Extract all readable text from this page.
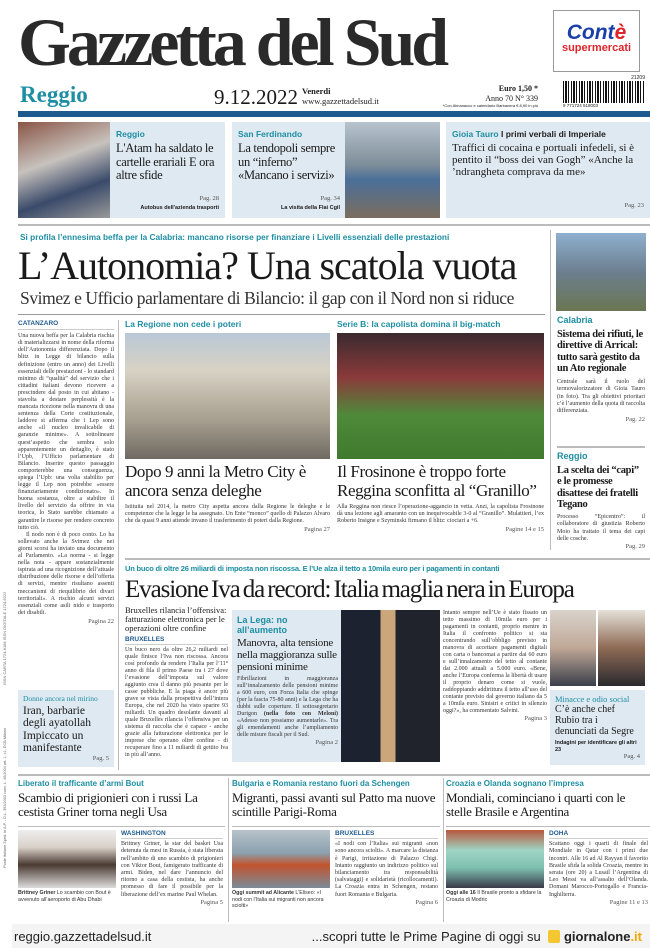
Gazzetta del Sud	Contè
supermercati
Reggio	9.12.2022 Venerdi
www.gazzettadelsud.it
Euro 1,50 *
Anno 70 N° 339
*Con Almanacco e calendario Barbanera € 8,90 in più
21209
9 771724 518003
Reggio
L'Atam ha saldato le cartelle erariali E ora altre sfide
Pag. 28
Autobus dell'azienda trasporti
San Ferdinando
La tendopoli sempre un “inferno” «Mancano i servizi»
Pag. 34
La visita della Flai Cgil
Gioia Tauro I primi verbali di Imperiale
Traffici di cocaina e portuali infedeli, si è pentito il “boss dei van Gogh” «Anche la ’ndrangheta comprava da me»
Pag. 23
Si profila l’ennesima beffa per la Calabria: mancano risorse per finanziare i Livelli essenziali delle prestazioni
L’Autonomia? Una scatola vuota
Svimez e Ufficio parlamentare di Bilancio: il gap con il Nord non si riduce
CATANZARO
Una nuova beffa per la Calabria rischia di materializzarsi in nome della riforma dell’Autonomia differenziata. Dopo il blitz in Legge di bilancio sulla definizione (entro un anno) dei Livelli essenziali delle prestazioni - lo standard minimo di “qualità” del servizio che i cittadini italiani devono ricevere a prescindere dal posto in cui abitano - stavolta a destare perplessità è la mancata ricezione nella manovra di una sentenza della Corte costituzionale, laddove si afferma che i Lep sono anche «il nucleo invalicabile di garanzie minime». A sottolineare quest’aspetto che sembra solo apparentemente un dettaglio, è stato l’Upb, l’Ufficio parlamentare di Bilancio. Inserire questo passaggio comporterebbe una conseguenza, spiega l’Upb: una volta stabilito per legge il Lep non potrebbe «essere finanziariamente condizionato». In buona sostanza, oltre a stabilire il livello del servizio da offrire in via teorica, lo Stato sarebbe chiamato a garantire le risorse per rendere concreto tutto ciò.
Il nodo non è di poco conto. Lo ha sollevato anche la Svimez che nei giorni scorsi ha inviato una documento al Parlamento. «La norma - si legge nella nota - appare sostanzialmente ispirata ad una ricognizione dell’attuale distribuzione delle risorse e dell’offerta di servizi, mentre risultano assenti meccanismi di riequilibrio dei divari territoriali». A rischio alcuni servizi essenziali come asili nido e trasporto dei disabili.
Pagina 22
ISSN CARTA 1724-6184 ISSN DIGITALE 1724-6222
Poste Italiane Sped. in A.P. - D.L. 353/2003 conv. L. 46/2004 art. 1, c1, DCB Milano
La Regione non cede i poteri
Dopo 9 anni la Metro City è ancora senza deleghe
Istituita nel 2014, la metro City aspetta ancora dalla Regione le deleghe e le competenze che la legge le ha assegnato. Un Ente “monco” quello di Palazzo Alvaro che da quasi 9 anni attende invano il trasferimento di poteri dalla Regione.
Pagina 27
Serie B: la capolista domina il big-match
Il Frosinone è troppo forte Reggina sconfitta al “Granillo”
Alla Reggina non riesce l’operazione-aggancio in vetta. Anzi, la capolista Frosinone dà una lezione agli amaranto con un inequivocabile 3-0 al “Granillo”. Mulattieri, l’ex Roberto Insigne e Szyminski firmano il blitz: ciociari a +6.
Pagine 14 e 15
Calabria
Sistema dei rifiuti, le direttive di Arrical: tutto sarà gestito da un Ato regionale
Centrale sarà il ruolo del termovalorizzatore di Gioia Tauro (in foto). Tra gli obiettivi prioritari c’è l’aumento della quota di raccolta differenziata.
Pag. 22
Reggio
La scelta dei “capi” e le promesse disattese dei fratelli Tegano
Processo “Epicentro”: il collaboratore di giustizia Roberto Moio ha trattato il tema dei capi delle cosche.
Pag. 29
Un buco di oltre 26 miliardi di imposta non riscossa. E l’Ue alza il tetto a 10mila euro per i pagamenti in contanti
Evasione Iva da record: Italia maglia nera in Europa
Bruxelles rilancia l’offensiva: fatturazione elettronica per le operazioni oltre confine
BRUXELLES
Un buco nero da oltre 26,2 miliardi nel quale finisce l’Iva non riscossa. Ancora così profondo da rendere l’Italia per l’11° anno di fila il primo Paese tra i 27 dove l’evasione dell’imposta sul valore aggiunto crea il danno più pesante per le casse pubbliche. E la piaga è ancor più grave se vista dalla prospettiva dell’intera Europa, che nel 2020 ha visto sparire 93 miliardi. Un quadro desolante davanti al quale Bruxelles rilancia l’offensiva per un sistema di raccolta che è capace - anche grazie alla fatturazione elettronica per le imprese che operano oltre confine - di recuperare fino a 11 miliardi di gettito Iva in più all’anno.
La Lega: no all’aumento
Manovra, alta tensione nella maggioranza sulle pensioni minime
Fibrillazioni in maggioranza sull’innalzamento delle pensioni minime a 600 euro, con Forza Italia che spinge (per la fascia 75-80 anni) e la Lega che ha dubbi sulle coperture. Il sottosegretario Durigon (nella foto con Meloni) «Adesso non possiamo aumentarle». Tra gli emendamenti anche l’ampliamento delle misure fiscali per il Sud.
Pagina 2
Intanto sempre nell’Ue è stato fissato un tetto massimo di 10mila euro per i pagamenti in contanti, proprio mentre in Italia il confronto politico si sta concentrando sull’obbligo previsto in manovra di accettare pagamenti digitali con carta o bancomat a partire dai 60 euro e sull’innalzamento del tetto al contante dai 2.000 attuali a 5.000 euro. «Bene, anche l’Europa conferma la libertà di usare il proprio denaro come si vuole, raddoppiando addirittura il tetto all’uso del contante previsto dal governo italiano da 5 a 10mila euro. Sinistri e critici in silenzio oggi?», ha commentato Salvini.
Pagina 3
Minacce e odio social
C’è anche chef Rubio tra i denunciati da Segre
Indagini per identificare gli altri 23
Pag. 4
Donne ancora nel mirino
Iran, barbarie degli ayatollah Impiccato un manifestante
Pag. 5
Liberato il trafficante d’armi Bout
Scambio di prigionieri con i russi La cestista Griner torna negli Usa
Brittney Griner Lo scambio con Bout è avvenuto all’aeroporto di Abu Dhabi
WASHINGTON
Brittney Griner, la star del basket Usa detenuta da mesi in Russia, è stata liberata nell’ambito di uno scambio di prigionieri con Viktor Bout, famigerato trafficante di armi. Biden, nel dare l’annuncio del ritorno a casa della cestista, ha anche promesso di fare il possibile per la liberazione dell’ex marine Paul Whelan.
Pagina 5
Bulgaria e Romania restano fuori da Schengen
Migranti, passi avanti sul Patto ma nuove scintille Parigi-Roma
Oggi summit ad Alicante L’Eliseo: «I nodi con l’Italia sui migranti non ancora sciolti»
BRUXELLES
«I nodi con l’Italia» sui migranti «non sono ancora sciolti». A marcare la distanza è Parigi, irritazione di Palazzo Chigi. Intanto raggiunto un indirizzo politico sul bilanciamento tra responsabilità (salvataggi) e solidarietà (ricollocamenti). La Croazia entra in Schengen, restano fuori Romania e Bulgaria.
Pagina 6
Croazia e Olanda sognano l’impresa
Mondiali, cominciano i quarti con le stelle Brasile e Argentina
Oggi alle 16 Il Brasile pronto a sfidare la Croazia di Modric
DOHA
Scattano oggi i quarti di finale del Mondiale in Qatar con i primi due incontri. Alle 16 ad Al Rayyan il favorito Brasile sfida la solida Croazia, mentre in serata (ore 20) a Lusail l’Argentina di Leo Messi va all’assalto dell’Olanda. Domani Marocco-Portogallo e Francia-Inghilterra.
Pagine 11 e 13
reggio.gazzettadelsud.it	...scopri tutte le Prime Pagine di oggi su giornalone.it
